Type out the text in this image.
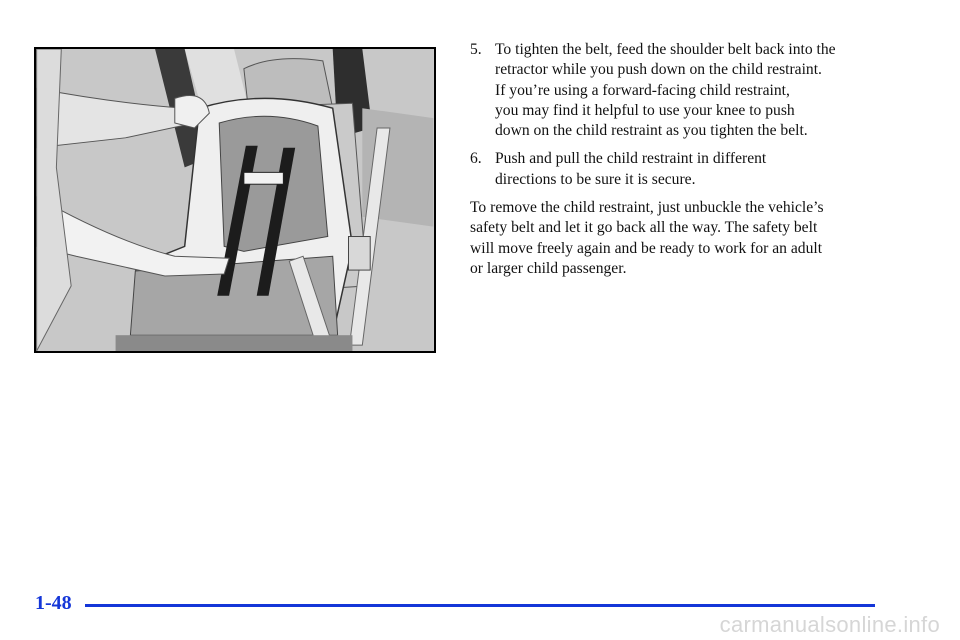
5. To tighten the belt, feed the shoulder belt back into the
retractor while you push down on the child restraint.
If you’re using a forward-facing child restraint,
you may find it helpful to use your knee to push
down on the child restraint as you tighten the belt.
6. Push and pull the child restraint in different
directions to be sure it is secure.

To remove the child restraint, just unbuckle the vehicle’s
safety belt and let it go back all the way. The safety belt
will move freely again and be ready to work for an adult
or larger child passenger.

1-48
carmanualsonline.info
